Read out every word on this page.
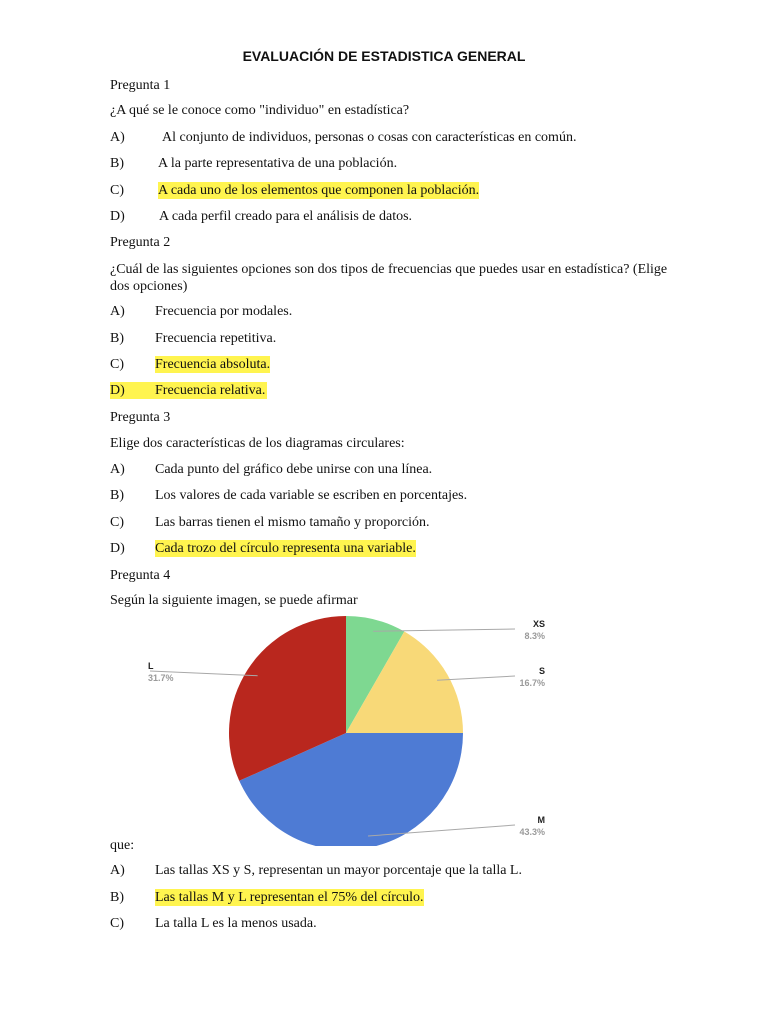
EVALUACIÓN DE ESTADISTICA GENERAL
Pregunta 1
¿A qué se le conoce como "individuo" en estadística?
A)	Al conjunto de individuos, personas o cosas con características en común.
B) A la parte representativa de una población.
C) A cada uno de los elementos que componen la población.
D) A cada perfil creado para el análisis de datos.
Pregunta 2
¿Cuál de las siguientes opciones son dos tipos de frecuencias que puedes usar en estadística? (Elige dos opciones)
A) Frecuencia por modales.
B) Frecuencia repetitiva.
C) Frecuencia absoluta.
D) Frecuencia relativa.
Pregunta 3
Elige dos características de los diagramas circulares:
A) Cada punto del gráfico debe unirse con una línea.
B) Los valores de cada variable se escriben en porcentajes.
C) Las barras tienen el mismo tamaño y proporción.
D) Cada trozo del círculo representa una variable.
Pregunta 4
Según la siguiente imagen, se puede afirmar
XS
8.3%
S
16.7%
M
43.3%
L
31.7%
que:
A) Las tallas XS y S, representan un mayor porcentaje que la talla L.
B) Las tallas M y L representan el 75% del círculo.
C) La talla L es la menos usada.
